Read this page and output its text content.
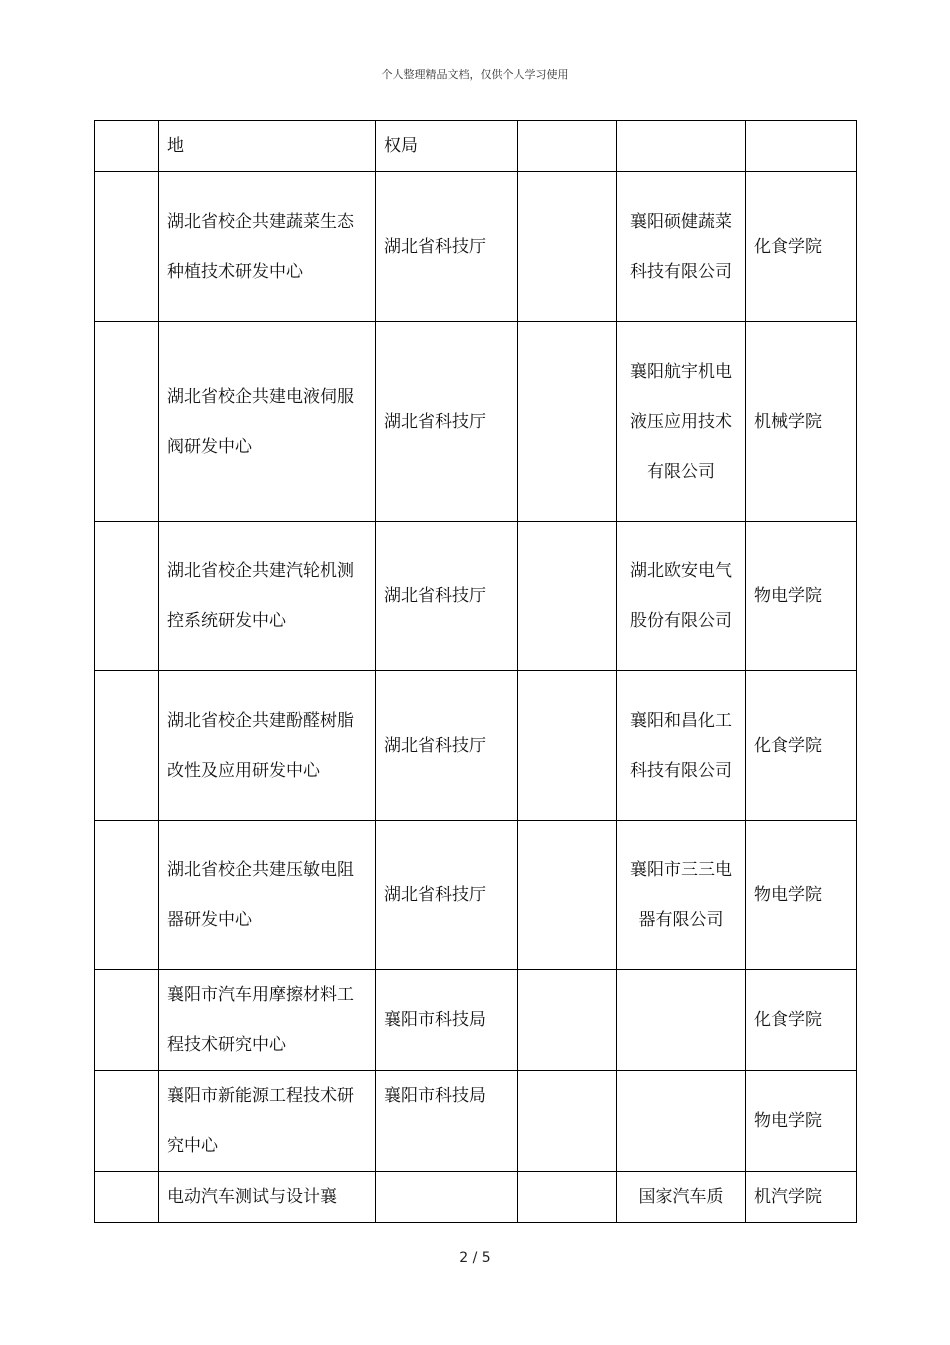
个人整理精品文档，仅供个人学习使用
	地	权局			
	湖北省校企共建蔬菜生态种植技术研发中心	湖北省科技厅		襄阳硕健蔬菜科技有限公司	化食学院
	湖北省校企共建电液伺服阀研发中心	湖北省科技厅		襄阳航宇机电液压应用技术有限公司	机械学院
	湖北省校企共建汽轮机测控系统研发中心	湖北省科技厅		湖北欧安电气股份有限公司	物电学院
	湖北省校企共建酚醛树脂改性及应用研发中心	湖北省科技厅		襄阳和昌化工科技有限公司	化食学院
	湖北省校企共建压敏电阻器研发中心	湖北省科技厅		襄阳市三三电器有限公司	物电学院
	襄阳市汽车用摩擦材料工程技术研究中心	襄阳市科技局			化食学院
	襄阳市新能源工程技术研究中心	襄阳市科技局			物电学院
	电动汽车测试与设计襄			国家汽车质	机汽学院
2 / 5
